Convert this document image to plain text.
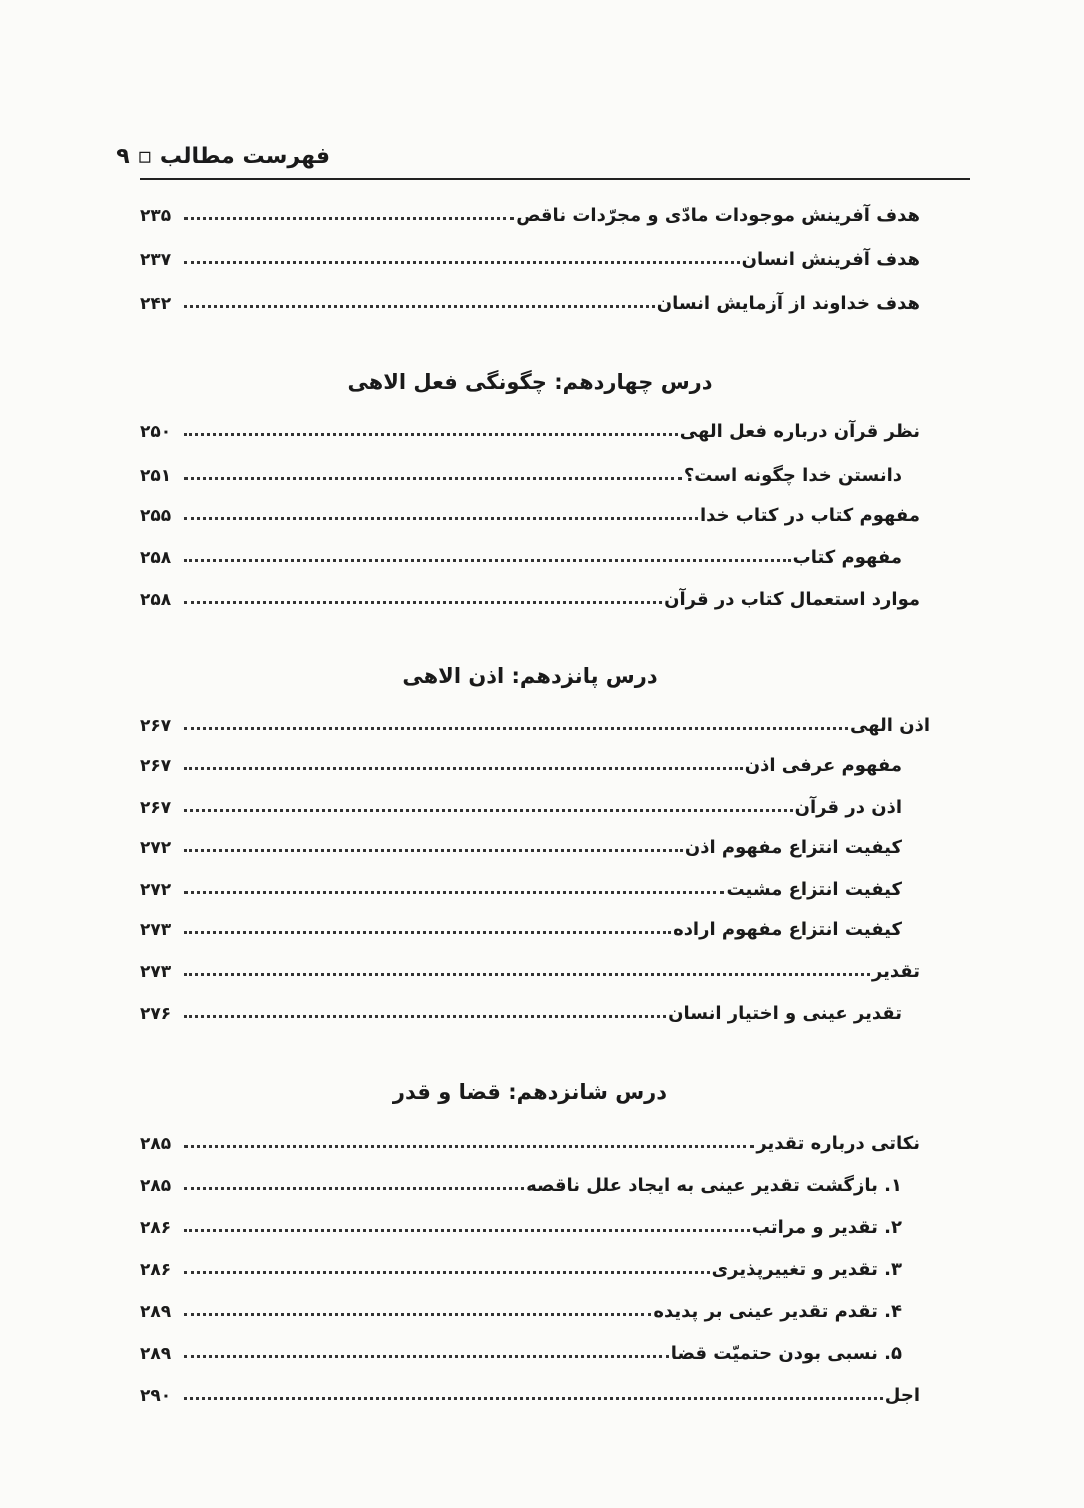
فهرست مطالب ▫ ۹
هدف آفرینش موجودات مادّی و مجرّدات ناقص
۲۳۵
هدف آفرینش انسان
۲۳۷
هدف خداوند از آزمایش انسان
۲۴۲
درس چهاردهم: چگونگی فعل الاهی
نظر قرآن درباره فعل الهی
۲۵۰
دانستن خدا چگونه است؟
۲۵۱
مفهوم کتاب در کتاب خدا
۲۵۵
مفهوم کتاب
۲۵۸
موارد استعمال کتاب در قرآن
۲۵۸
درس پانزدهم: اذن الاهی
اذن الهی
۲۶۷
مفهوم عرفی اذن
۲۶۷
اذن در قرآن
۲۶۷
کیفیت انتزاع مفهوم اذن
۲۷۲
کیفیت انتزاع مشیت
۲۷۲
کیفیت انتزاع مفهوم اراده
۲۷۳
تقدیر
۲۷۳
تقدیر عینی و اختیار انسان
۲۷۶
درس شانزدهم: قضا و قدر
نکاتی درباره تقدیر
۲۸۵
۱. بازگشت تقدیر عینی به ایجاد علل ناقصه
۲۸۵
۲. تقدیر و مراتب
۲۸۶
۳. تقدیر و تغییرپذیری
۲۸۶
۴. تقدم تقدیر عینی بر پدیده
۲۸۹
۵. نسبی بودن حتمیّت قضا
۲۸۹
اجل
۲۹۰
